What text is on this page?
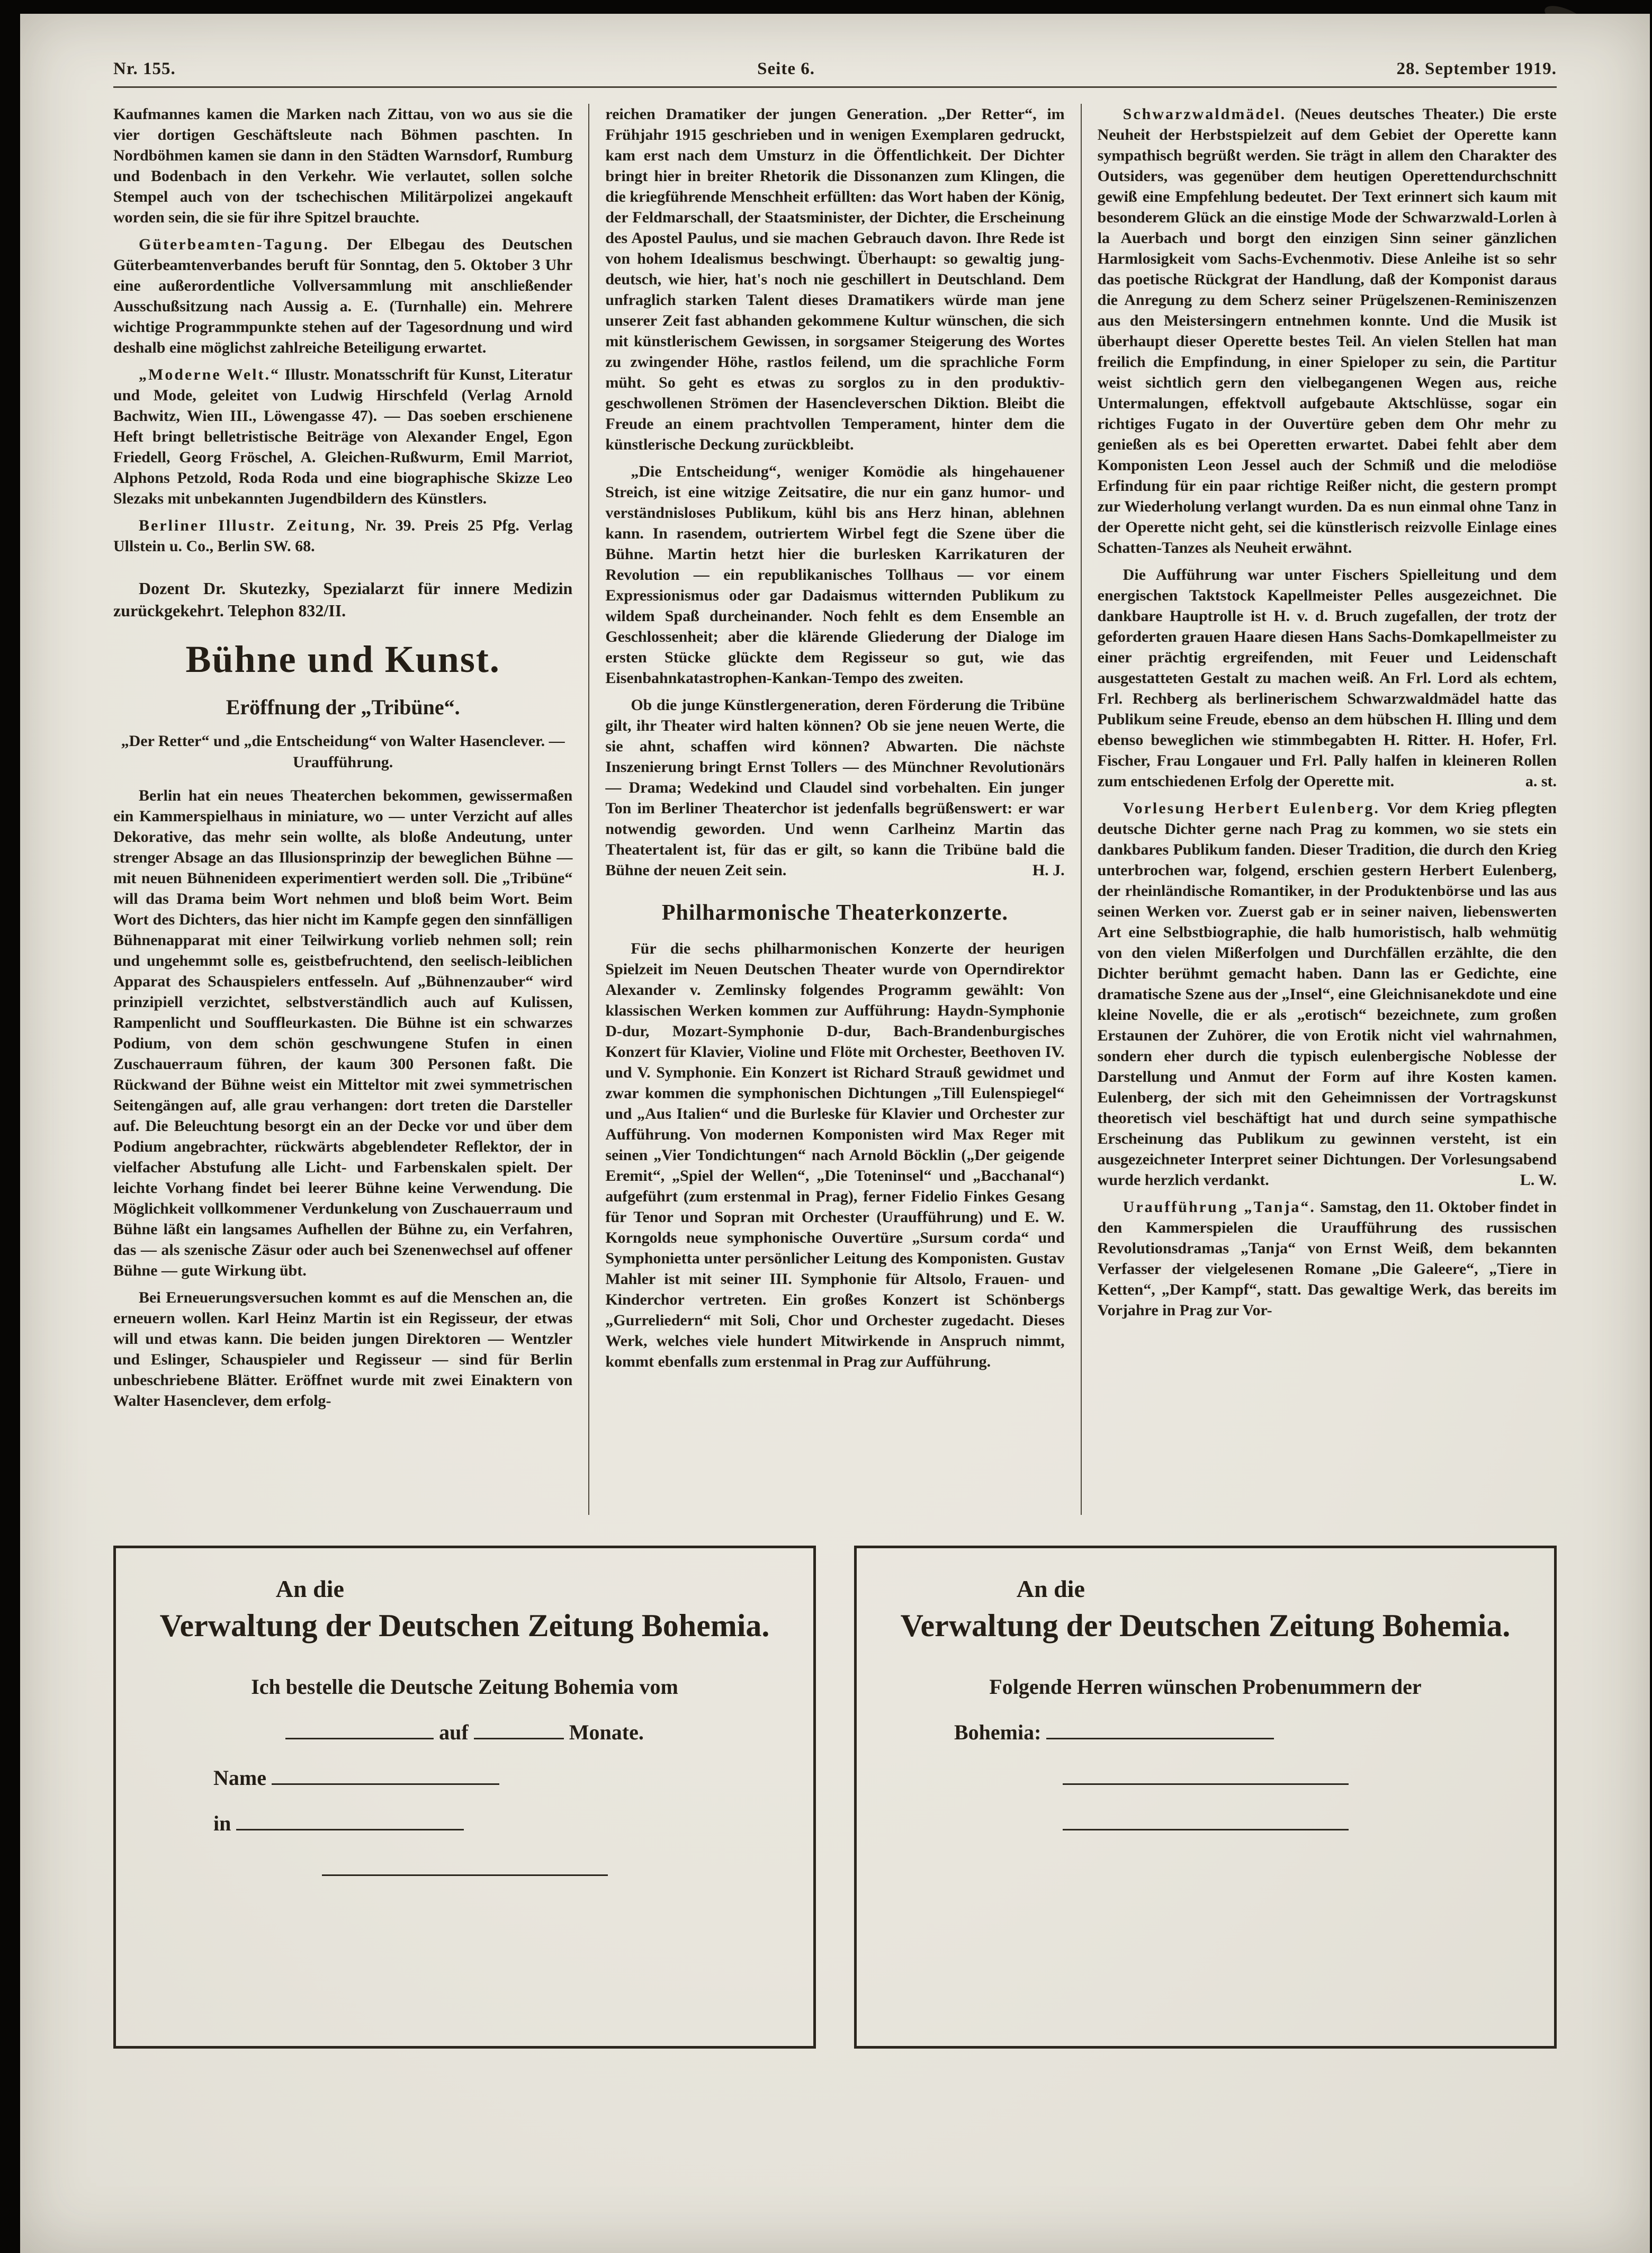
Nr. 155.	Seite 6.	28. September 1919.

Kaufmannes kamen die Marken nach Zittau, von wo aus sie die vier dortigen Geschäftsleute nach Böhmen paschten. In Nordböhmen kamen sie dann in den Städten Warnsdorf, Rumburg und Bodenbach in den Verkehr. Wie verlautet, sollen solche Stempel auch von der tschechischen Militärpolizei angekauft worden sein, die sie für ihre Spitzel brauchte.

Güterbeamten-Tagung. Der Elbegau des Deutschen Güterbeamtenverbandes beruft für Sonntag, den 5. Oktober 3 Uhr eine außerordentliche Vollversammlung mit anschließender Ausschußsitzung nach Aussig a. E. (Turnhalle) ein. Mehrere wichtige Programmpunkte stehen auf der Tagesordnung und wird deshalb eine möglichst zahlreiche Beteiligung erwartet.

„Moderne Welt.“ Illustr. Monatsschrift für Kunst, Literatur und Mode, geleitet von Ludwig Hirschfeld (Verlag Arnold Bachwitz, Wien III., Löwengasse 47). — Das soeben erschienene Heft bringt belletristische Beiträge von Alexander Engel, Egon Friedell, Georg Fröschel, A. Gleichen-Rußwurm, Emil Marriot, Alphons Petzold, Roda Roda und eine biographische Skizze Leo Slezaks mit unbekannten Jugendbildern des Künstlers.

Berliner Illustr. Zeitung, Nr. 39. Preis 25 Pfg. Verlag Ullstein u. Co., Berlin SW. 68.

Dozent Dr. Skutezky, Spezialarzt für innere Medizin zurückgekehrt. Telephon 832/II.

Bühne und Kunst.
Eröffnung der „Tribüne“.

„Der Retter“ und „die Entscheidung“ von Walter Hasenclever. — Uraufführung.

Berlin hat ein neues Theaterchen bekommen, gewissermaßen ein Kammerspielhaus in miniature, wo — unter Verzicht auf alles Dekorative, das mehr sein wollte, als bloße Andeutung, unter strenger Absage an das Illusionsprinzip der beweglichen Bühne — mit neuen Bühnenideen experimentiert werden soll. Die „Tribüne“ will das Drama beim Wort nehmen und bloß beim Wort. Beim Wort des Dichters, das hier nicht im Kampfe gegen den sinnfälligen Bühnenapparat mit einer Teilwirkung vorlieb nehmen soll; rein und ungehemmt solle es, geistbefruchtend, den seelisch-leiblichen Apparat des Schauspielers entfesseln. Auf „Bühnenzauber“ wird prinzipiell verzichtet, selbstverständlich auch auf Kulissen, Rampenlicht und Souffleurkasten. Die Bühne ist ein schwarzes Podium, von dem schön geschwungene Stufen in einen Zuschauerraum führen, der kaum 300 Personen faßt. Die Rückwand der Bühne weist ein Mitteltor mit zwei symmetrischen Seitengängen auf, alle grau verhangen: dort treten die Darsteller auf. Die Beleuchtung besorgt ein an der Decke vor und über dem Podium angebrachter, rückwärts abgeblendeter Reflektor, der in vielfacher Abstufung alle Licht- und Farbenskalen spielt. Der leichte Vorhang findet bei leerer Bühne keine Verwendung. Die Möglichkeit vollkommener Verdunkelung von Zuschauerraum und Bühne läßt ein langsames Aufhellen der Bühne zu, ein Verfahren, das — als szenische Zäsur oder auch bei Szenenwechsel auf offener Bühne — gute Wirkung übt.

Bei Erneuerungsversuchen kommt es auf die Menschen an, die erneuern wollen. Karl Heinz Martin ist ein Regisseur, der etwas will und etwas kann. Die beiden jungen Direktoren — Wentzler und Eslinger, Schauspieler und Regisseur — sind für Berlin unbeschriebene Blätter. Eröffnet wurde mit zwei Einaktern von Walter Hasenclever, dem erfolg-

reichen Dramatiker der jungen Generation. „Der Retter“, im Frühjahr 1915 geschrieben und in wenigen Exemplaren gedruckt, kam erst nach dem Umsturz in die Öffentlichkeit. Der Dichter bringt hier in breiter Rhetorik die Dissonanzen zum Klingen, die die kriegführende Menschheit erfüllten: das Wort haben der König, der Feldmarschall, der Staatsminister, der Dichter, die Erscheinung des Apostel Paulus, und sie machen Gebrauch davon. Ihre Rede ist von hohem Idealismus beschwingt. Überhaupt: so gewaltig jung-deutsch, wie hier, hat's noch nie geschillert in Deutschland. Dem unfraglich starken Talent dieses Dramatikers würde man jene unserer Zeit fast abhanden gekommene Kultur wünschen, die sich mit künstlerischem Gewissen, in sorgsamer Steigerung des Wortes zu zwingender Höhe, rastlos feilend, um die sprachliche Form müht. So geht es etwas zu sorglos zu in den produktiv-geschwollenen Strömen der Hasencleverschen Diktion. Bleibt die Freude an einem prachtvollen Temperament, hinter dem die künstlerische Deckung zurückbleibt.

„Die Entscheidung“, weniger Komödie als hingehauener Streich, ist eine witzige Zeitsatire, die nur ein ganz humor- und verständnisloses Publikum, kühl bis ans Herz hinan, ablehnen kann. In rasendem, outriertem Wirbel fegt die Szene über die Bühne. Martin hetzt hier die burlesken Karrikaturen der Revolution — ein republikanisches Tollhaus — vor einem Expressionismus oder gar Dadaismus witternden Publikum zu wildem Spaß durcheinander. Noch fehlt es dem Ensemble an Geschlossenheit; aber die klärende Gliederung der Dialoge im ersten Stücke glückte dem Regisseur so gut, wie das Eisenbahnkatastrophen-Kankan-Tempo des zweiten.

Ob die junge Künstlergeneration, deren Förderung die Tribüne gilt, ihr Theater wird halten können? Ob sie jene neuen Werte, die sie ahnt, schaffen wird können? Abwarten. Die nächste Inszenierung bringt Ernst Tollers — des Münchner Revolutionärs — Drama; Wedekind und Claudel sind vorbehalten. Ein junger Ton im Berliner Theaterchor ist jedenfalls begrüßenswert: er war notwendig geworden. Und wenn Carlheinz Martin das Theatertalent ist, für das er gilt, so kann die Tribüne bald die Bühne der neuen Zeit sein.	H. J.

Philharmonische Theaterkonzerte.

Für die sechs philharmonischen Konzerte der heurigen Spielzeit im Neuen Deutschen Theater wurde von Operndirektor Alexander v. Zemlinsky folgendes Programm gewählt: Von klassischen Werken kommen zur Aufführung: Haydn-Symphonie D-dur, Mozart-Symphonie D-dur, Bach-Brandenburgisches Konzert für Klavier, Violine und Flöte mit Orchester, Beethoven IV. und V. Symphonie. Ein Konzert ist Richard Strauß gewidmet und zwar kommen die symphonischen Dichtungen „Till Eulenspiegel“ und „Aus Italien“ und die Burleske für Klavier und Orchester zur Aufführung. Von modernen Komponisten wird Max Reger mit seinen „Vier Tondichtungen“ nach Arnold Böcklin („Der geigende Eremit“, „Spiel der Wellen“, „Die Toteninsel“ und „Bacchanal“) aufgeführt (zum erstenmal in Prag), ferner Fidelio Finkes Gesang für Tenor und Sopran mit Orchester (Uraufführung) und E. W. Korngolds neue symphonische Ouvertüre „Sursum corda“ und Symphonietta unter persönlicher Leitung des Komponisten. Gustav Mahler ist mit seiner III. Symphonie für Altsolo, Frauen- und Kinderchor vertreten. Ein großes Konzert ist Schönbergs „Gurreliedern“ mit Soli, Chor und Orchester zugedacht. Dieses Werk, welches viele hundert Mitwirkende in Anspruch nimmt, kommt ebenfalls zum erstenmal in Prag zur Aufführung.

Schwarzwaldmädel. (Neues deutsches Theater.) Die erste Neuheit der Herbstspielzeit auf dem Gebiet der Operette kann sympathisch begrüßt werden. Sie trägt in allem den Charakter des Outsiders, was gegenüber dem heutigen Operettendurchschnitt gewiß eine Empfehlung bedeutet. Der Text erinnert sich kaum mit besonderem Glück an die einstige Mode der Schwarzwald-Lorlen à la Auerbach und borgt den einzigen Sinn seiner gänzlichen Harmlosigkeit vom Sachs-Evchenmotiv. Diese Anleihe ist so sehr das poetische Rückgrat der Handlung, daß der Komponist daraus die Anregung zu dem Scherz seiner Prügelszenen-Reminiszenzen aus den Meistersingern entnehmen konnte. Und die Musik ist überhaupt dieser Operette bestes Teil. An vielen Stellen hat man freilich die Empfindung, in einer Spieloper zu sein, die Partitur weist sichtlich gern den vielbegangenen Wegen aus, reiche Untermalungen, effektvoll aufgebaute Aktschlüsse, sogar ein richtiges Fugato in der Ouvertüre geben dem Ohr mehr zu genießen als es bei Operetten erwartet. Dabei fehlt aber dem Komponisten Leon Jessel auch der Schmiß und die melodiöse Erfindung für ein paar richtige Reißer nicht, die gestern prompt zur Wiederholung verlangt wurden. Da es nun einmal ohne Tanz in der Operette nicht geht, sei die künstlerisch reizvolle Einlage eines Schatten-Tanzes als Neuheit erwähnt.

Die Aufführung war unter Fischers Spielleitung und dem energischen Taktstock Kapellmeister Pelles ausgezeichnet. Die dankbare Hauptrolle ist H. v. d. Bruch zugefallen, der trotz der geforderten grauen Haare diesen Hans Sachs-Domkapellmeister zu einer prächtig ergreifenden, mit Feuer und Leidenschaft ausgestatteten Gestalt zu machen weiß. An Frl. Lord als echtem, Frl. Rechberg als berlinerischem Schwarzwaldmädel hatte das Publikum seine Freude, ebenso an dem hübschen H. Illing und dem ebenso beweglichen wie stimmbegabten H. Ritter. H. Hofer, Frl. Fischer, Frau Longauer und Frl. Pally halfen in kleineren Rollen zum entschiedenen Erfolg der Operette mit.	a. st.

Vorlesung Herbert Eulenberg. Vor dem Krieg pflegten deutsche Dichter gerne nach Prag zu kommen, wo sie stets ein dankbares Publikum fanden. Dieser Tradition, die durch den Krieg unterbrochen war, folgend, erschien gestern Herbert Eulenberg, der rheinländische Romantiker, in der Produktenbörse und las aus seinen Werken vor. Zuerst gab er in seiner naiven, liebenswerten Art eine Selbstbiographie, die halb humoristisch, halb wehmütig von den vielen Mißerfolgen und Durchfällen erzählte, die den Dichter berühmt gemacht haben. Dann las er Gedichte, eine dramatische Szene aus der „Insel“, eine Gleichnisanekdote und eine kleine Novelle, die er als „erotisch“ bezeichnete, zum großen Erstaunen der Zuhörer, die von Erotik nicht viel wahrnahmen, sondern eher durch die typisch eulenbergische Noblesse der Darstellung und Anmut der Form auf ihre Kosten kamen. Eulenberg, der sich mit den Geheimnissen der Vortragskunst theoretisch viel beschäftigt hat und durch seine sympathische Erscheinung das Publikum zu gewinnen versteht, ist ein ausgezeichneter Interpret seiner Dichtungen. Der Vorlesungsabend wurde herzlich verdankt.	L. W.

Uraufführung „Tanja“. Samstag, den 11. Oktober findet in den Kammerspielen die Uraufführung des russischen Revolutionsdramas „Tanja“ von Ernst Weiß, dem bekannten Verfasser der vielgelesenen Romane „Die Galeere“, „Tiere in Ketten“, „Der Kampf“, statt. Das gewaltige Werk, das bereits im Vorjahre in Prag zur Vor-

An die
Verwaltung der Deutschen Zeitung Bohemia.
Ich bestelle die Deutsche Zeitung Bohemia vom
auf	Monate.
Name
in
An die
Verwaltung der Deutschen Zeitung Bohemia.
Folgende Herren wünschen Probenummern der
Bohemia:
